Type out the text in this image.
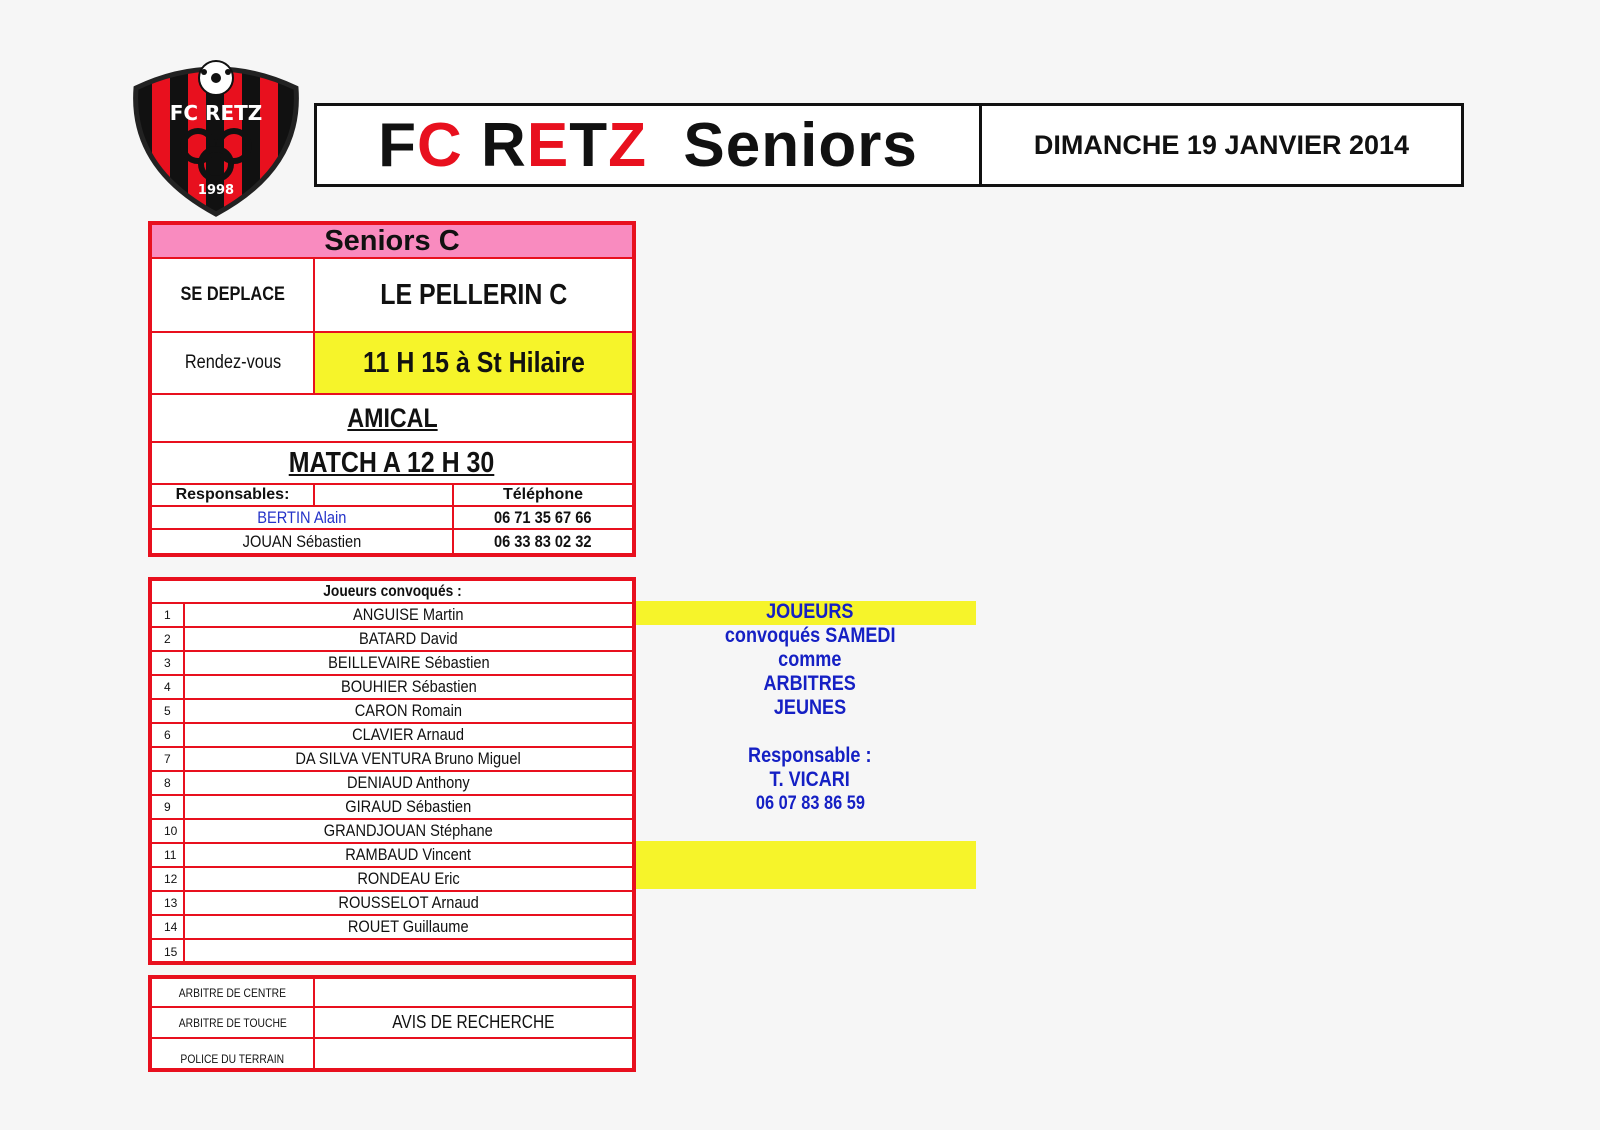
FC RETZ
1998
F C R E T Z Seniors	DIMANCHE 19 JANVIER 2014
Seniors C
SE DEPLACE	LE PELLERIN C
Rendez-vous	11 H 15 à St Hilaire
AMICAL
MATCH A 12 H 30
Responsables:	Téléphone
BERTIN Alain	06 71 35 67 66
JOUAN Sébastien	06 33 83 02 32
Joueurs convoqués :
1	ANGUISE Martin
2	BATARD David
3	BEILLEVAIRE Sébastien
4	BOUHIER Sébastien
5	CARON Romain
6	CLAVIER Arnaud
7	DA SILVA VENTURA Bruno Miguel
8	DENIAUD Anthony
9	GIRAUD Sébastien
10	GRANDJOUAN Stéphane
11	RAMBAUD Vincent
12	RONDEAU Eric
13	ROUSSELOT Arnaud
14	ROUET Guillaume
15
JOUEURS
convoqués SAMEDI
comme
ARBITRES
JEUNES
Responsable :
T. VICARI
06 07 83 86 59
ARBITRE DE CENTRE
ARBITRE DE TOUCHE	AVIS DE RECHERCHE
POLICE DU TERRAIN
